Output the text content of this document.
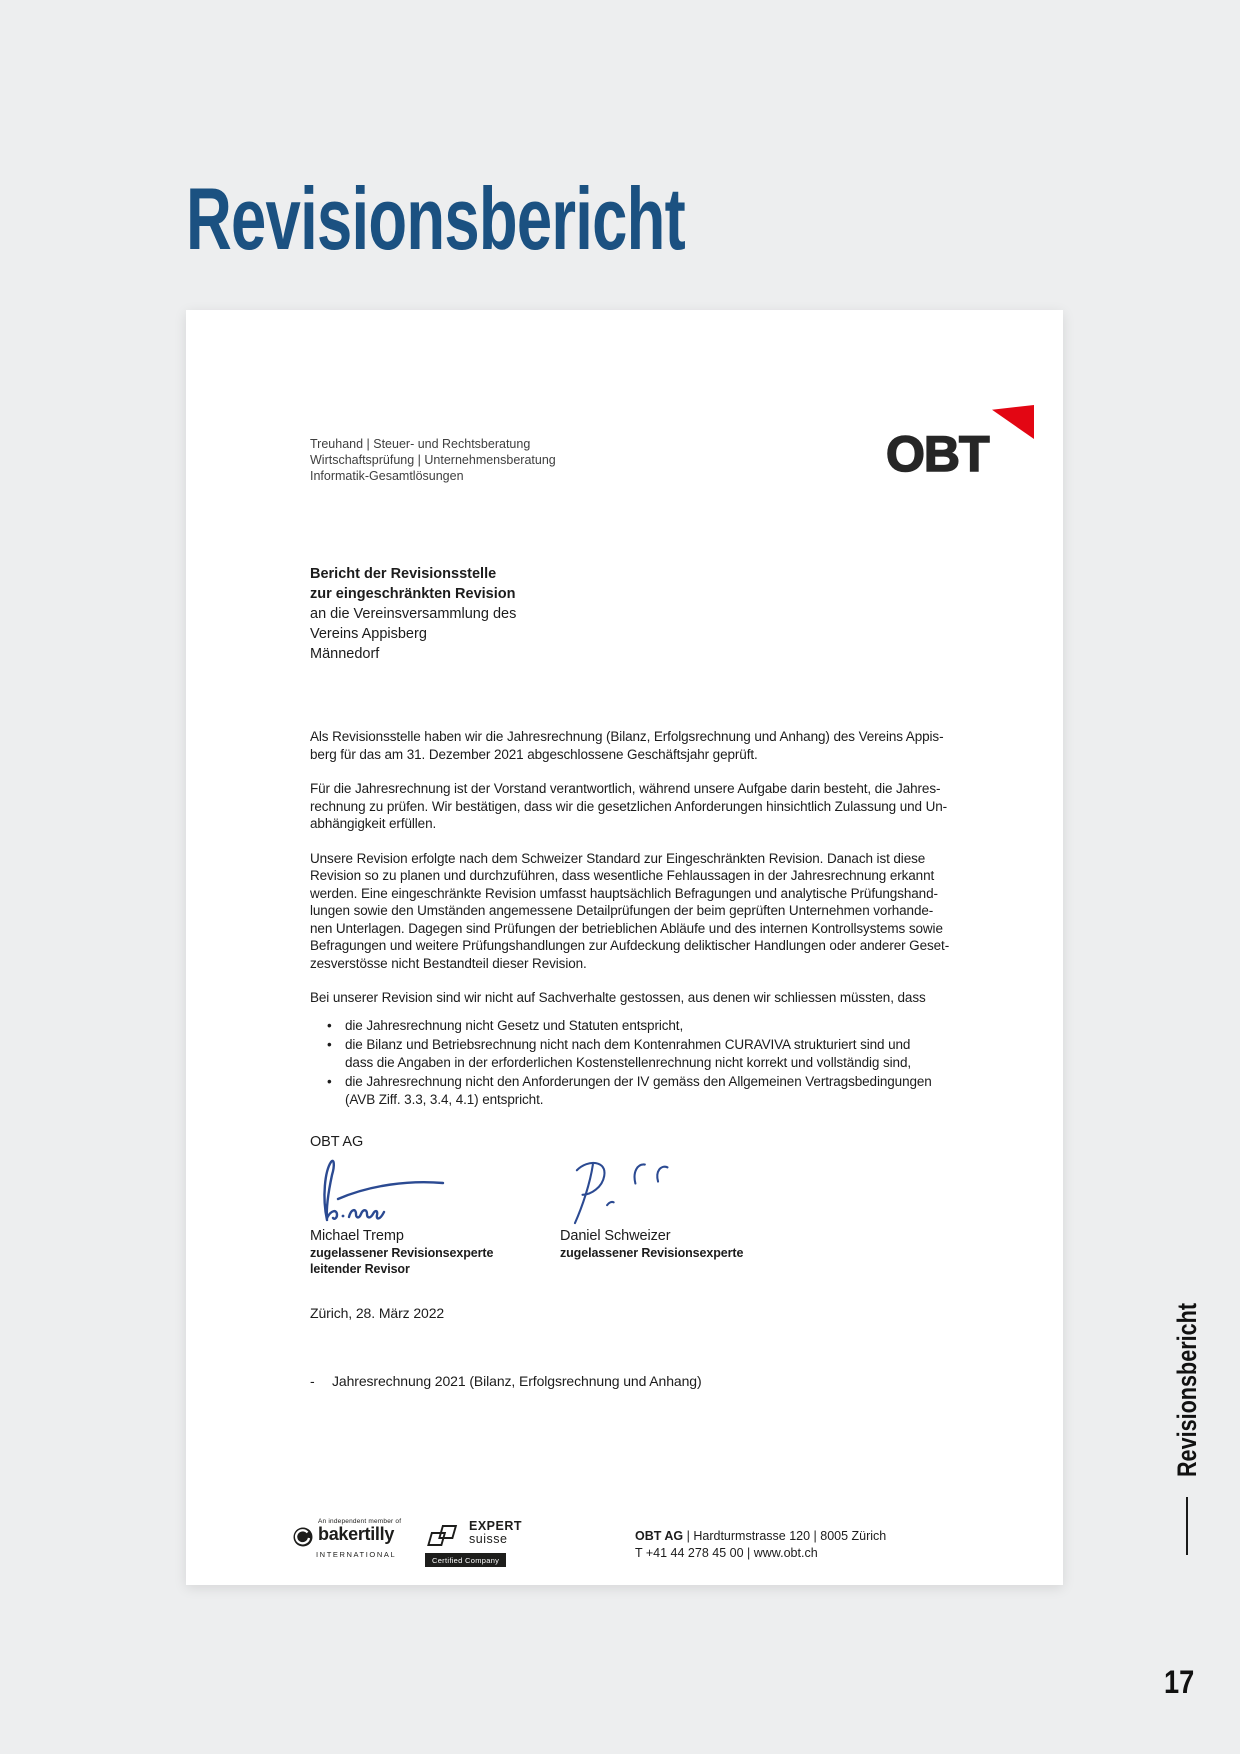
Revisionsbericht
Treuhand | Steuer- und Rechtsberatung
Wirtschaftsprüfung | Unternehmensberatung
Informatik-Gesamtlösungen	OBT
Bericht der Revisionsstelle
zur eingeschränkten Revision
an die Vereinsversammlung des
Vereins Appisberg
Männedorf
Als Revisionsstelle haben wir die Jahresrechnung (Bilanz, Erfolgsrechnung und Anhang) des Vereins Appis-
berg für das am 31. Dezember 2021 abgeschlossene Geschäftsjahr geprüft.
Für die Jahresrechnung ist der Vorstand verantwortlich, während unsere Aufgabe darin besteht, die Jahres-
rechnung zu prüfen. Wir bestätigen, dass wir die gesetzlichen Anforderungen hinsichtlich Zulassung und Un-
abhängigkeit erfüllen.
Unsere Revision erfolgte nach dem Schweizer Standard zur Eingeschränkten Revision. Danach ist diese
Revision so zu planen und durchzuführen, dass wesentliche Fehlaussagen in der Jahresrechnung erkannt
werden. Eine eingeschränkte Revision umfasst hauptsächlich Befragungen und analytische Prüfungshand-
lungen sowie den Umständen angemessene Detailprüfungen der beim geprüften Unternehmen vorhande-
nen Unterlagen. Dagegen sind Prüfungen der betrieblichen Abläufe und des internen Kontrollsystems sowie
Befragungen und weitere Prüfungshandlungen zur Aufdeckung deliktischer Handlungen oder anderer Geset-
zesverstösse nicht Bestandteil dieser Revision.
Bei unserer Revision sind wir nicht auf Sachverhalte gestossen, aus denen wir schliessen müssten, dass
• die Jahresrechnung nicht Gesetz und Statuten entspricht,
• die Bilanz und Betriebsrechnung nicht nach dem Kontenrahmen CURAVIVA strukturiert sind und
dass die Angaben in der erforderlichen Kostenstellenrechnung nicht korrekt und vollständig sind,
• die Jahresrechnung nicht den Anforderungen der IV gemäss den Allgemeinen Vertragsbedingungen
(AVB Ziff. 3.3, 3.4, 4.1) entspricht.
OBT AG
Michael Tremp
zugelassener Revisionsexperte
leitender Revisor
Daniel Schweizer
zugelassener Revisionsexperte
Zürich, 28. März 2022
-	Jahresrechnung 2021 (Bilanz, Erfolgsrechnung und Anhang)
An independent member of
bakertilly
INTERNATIONAL
EXPERT
suisse
Certified Company
OBT AG | Hardturmstrasse 120 | 8005 Zürich
T +41 44 278 45 00 | www.obt.ch
Revisionsbericht
17
